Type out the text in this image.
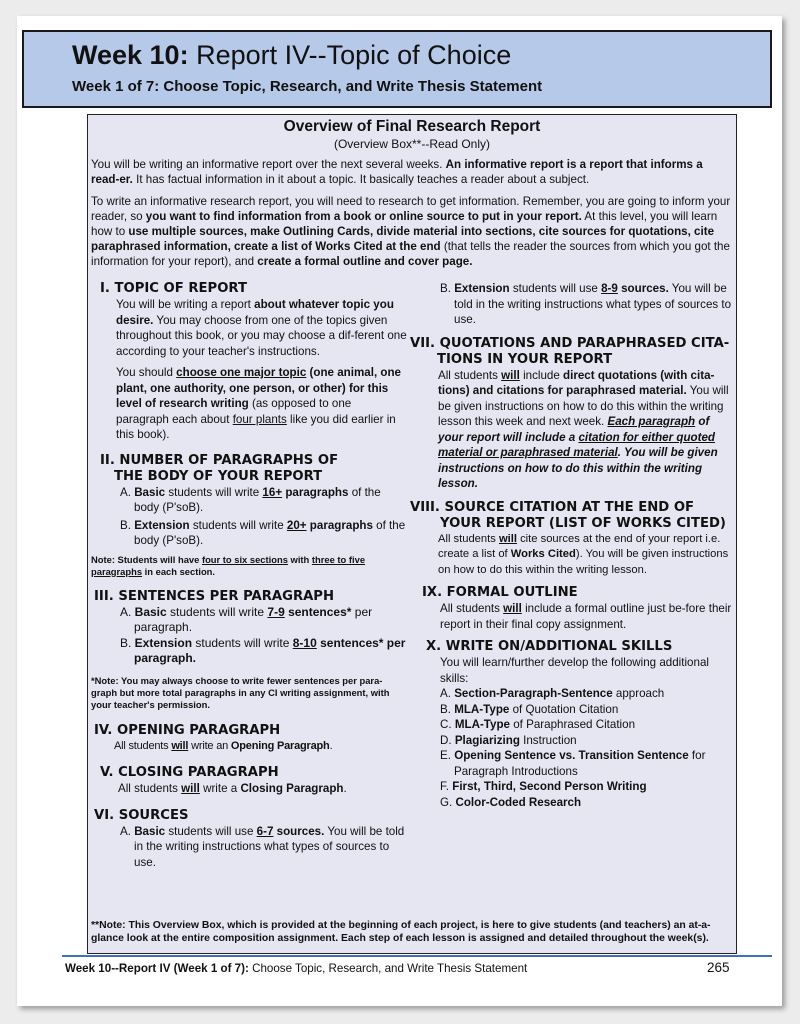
Week 10: Report IV--Topic of Choice
Week 1 of 7: Choose Topic, Research, and Write Thesis Statement
Overview of Final Research Report
(Overview Box**--Read Only)
You will be writing an informative report over the next several weeks. An informative report is a report that informs a read-er. It has factual information in it about a topic. It basically teaches a reader about a subject.
To write an informative research report, you will need to research to get information. Remember, you are going to inform your reader, so you want to find information from a book or online source to put in your report. At this level, you will learn how to use multiple sources, make Outlining Cards, divide material into sections, cite sources for quotations, cite paraphrased information, create a list of Works Cited at the end (that tells the reader the sources from which you got the information for your report), and create a formal outline and cover page.
I. TOPIC OF REPORT
You will be writing a report about whatever topic you desire. You may choose from one of the topics given throughout this book, or you may choose a dif-ferent one according to your teacher's instructions.
You should choose one major topic (one animal, one plant, one authority, one person, or other) for this level of research writing (as opposed to one paragraph each about four plants like you did earlier in this book).
II. NUMBER OF PARAGRAPHS OF
THE BODY OF YOUR REPORT
A. Basic students will write 16+ paragraphs of the body (P'soB).
B. Extension students will write 20+ paragraphs of the body (P'soB).
Note: Students will have four to six sections with three to five paragraphs in each section.
III. SENTENCES PER PARAGRAPH
A. Basic students will write 7-9 sentences* per paragraph.
B. Extension students will write 8-10 sentences* per paragraph.
*Note: You may always choose to write fewer sentences per para-graph but more total paragraphs in any CI writing assignment, with your teacher's permission.
IV. OPENING PARAGRAPH
All students will write an Opening Paragraph.
V. CLOSING PARAGRAPH
All students will write a Closing Paragraph.
VI. SOURCES
A. Basic students will use 6-7 sources. You will be told in the writing instructions what types of sources to use.
B. Extension students will use 8-9 sources. You will be told in the writing instructions what types of sources to use.
VII. QUOTATIONS AND PARAPHRASED CITA-
TIONS IN YOUR REPORT
All students will include direct quotations (with cita-tions) and citations for paraphrased material. You will be given instructions on how to do this within the writing lesson this week and next week. Each paragraph of your report will include a citation for either quoted material or paraphrased material. You will be given instructions on how to do this within the writing lesson.
VIII. SOURCE CITATION AT THE END OF
YOUR REPORT (LIST OF WORKS CITED)
All students will cite sources at the end of your report i.e. create a list of Works Cited). You will be given instructions on how to do this within the writing lesson.
IX. FORMAL OUTLINE
All students will include a formal outline just be-fore their report in their final copy assignment.
X. WRITE ON/ADDITIONAL SKILLS
You will learn/further develop the following additional skills:
A. Section-Paragraph-Sentence approach
B. MLA-Type of Quotation Citation
C. MLA-Type of Paraphrased Citation
D. Plagiarizing Instruction
E. Opening Sentence vs. Transition Sentence for Paragraph Introductions
F. First, Third, Second Person Writing
G. Color-Coded Research
**Note: This Overview Box, which is provided at the beginning of each project, is here to give students (and teachers) an at-a-glance look at the entire composition assignment. Each step of each lesson is assigned and detailed throughout the week(s).
Week 10--Report IV (Week 1 of 7): Choose Topic, Research, and Write Thesis Statement	265
